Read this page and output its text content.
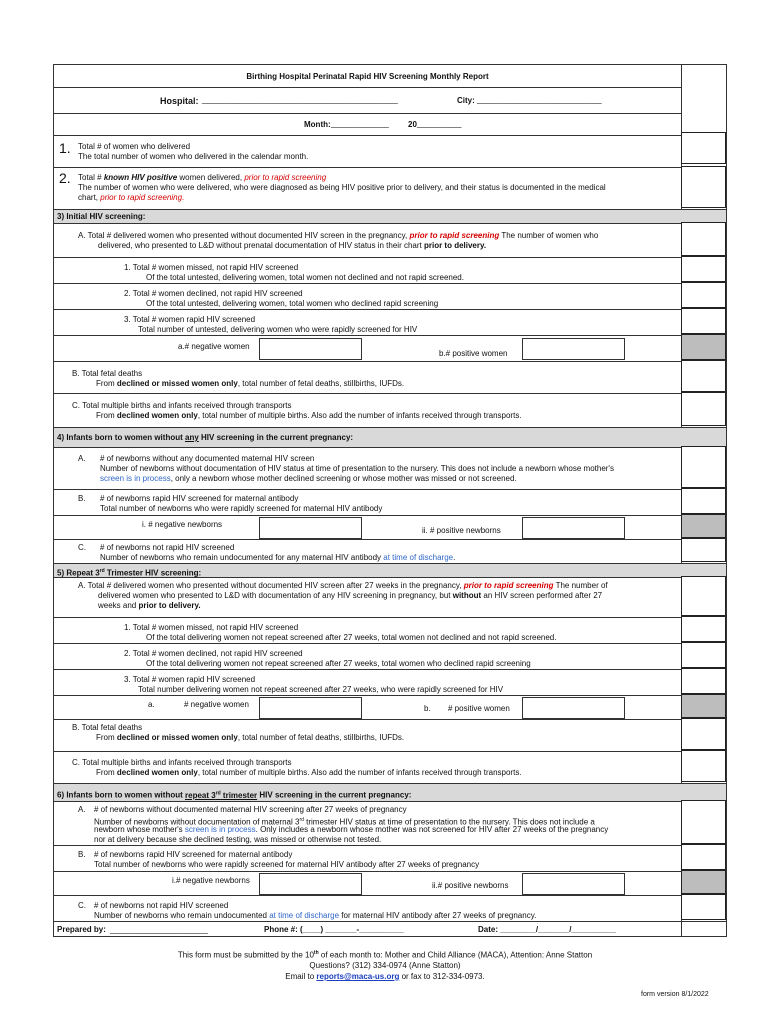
Birthing Hospital Perinatal Rapid HIV Screening Monthly Report
Hospital: ____________________________________________	City: ____________________________
Month: _____________ 20 __________
1. Total # of women who delivered
The total number of women who delivered in the calendar month.
2. Total # known HIV positive women delivered, prior to rapid screening
The number of women who were delivered, who were diagnosed as being HIV positive prior to delivery, and their status is documented in the medical
chart, prior to rapid screening.
3) Initial HIV screening:
A. Total # delivered women who presented without documented HIV screen in the pregnancy, prior to rapid screening The number of women who
delivered, who presented to L&D without prenatal documentation of HIV status in their chart prior to delivery.
1. Total # women missed, not rapid HIV screened
Of the total untested, delivering women, total women not declined and not rapid screened.
2. Total # women declined, not rapid HIV screened
Of the total untested, delivering women, total women who declined rapid screening
3. Total # women rapid HIV screened
Total number of untested, delivering women who were rapidly screened for HIV
a.# negative women
b.# positive women
B. Total fetal deaths
From declined or missed women only, total number of fetal deaths, stillbirths, IUFDs.
C. Total multiple births and infants received through transports
From declined women only, total number of multiple births. Also add the number of infants received through transports.
4) Infants born to women without any HIV screening in the current pregnancy:
A. # of newborns without any documented maternal HIV screen
Number of newborns without documentation of HIV status at time of presentation to the nursery. This does not include a newborn whose mother's
screen is in process, only a newborn whose mother declined screening or whose mother was missed or not screened.
B. # of newborns rapid HIV screened for maternal antibody
Total number of newborns who were rapidly screened for maternal HIV antibody
i. # negative newborns
ii. # positive newborns
C. # of newborns not rapid HIV screened
Number of newborns who remain undocumented for any maternal HIV antibody at time of discharge.
5) Repeat 3rd Trimester HIV screening:
A. Total # delivered women who presented without documented HIV screen after 27 weeks in the pregnancy, prior to rapid screening The number of
delivered women who presented to L&D with documentation of any HIV screening in pregnancy, but without an HIV screen performed after 27
weeks and prior to delivery.
1. Total # women missed, not rapid HIV screened
Of the total delivering women not repeat screened after 27 weeks, total women not declined and not rapid screened.
2. Total # women declined, not rapid HIV screened
Of the total delivering women not repeat screened after 27 weeks, total women who declined rapid screening
3. Total # women rapid HIV screened
Total number delivering women not repeat screened after 27 weeks, who were rapidly screened for HIV
a.	# negative women	b. # positive women
B. Total fetal deaths
From declined or missed women only, total number of fetal deaths, stillbirths, IUFDs.
C. Total multiple births and infants received through transports
From declined women only, total number of multiple births. Also add the number of infants received through transports.
6) Infants born to women without repeat 3rd trimester HIV screening in the current pregnancy:
A. # of newborns without documented maternal HIV screening after 27 weeks of pregnancy
Number of newborns without documentation of maternal 3rd trimester HIV status at time of presentation to the nursery. This does not include a
newborn whose mother's screen is in process. Only includes a newborn whose mother was not screened for HIV after 27 weeks of the pregnancy
nor at delivery because she declined testing, was missed or otherwise not tested.
B. # of newborns rapid HIV screened for maternal antibody
Total number of newborns who were rapidly screened for maternal HIV antibody after 27 weeks of pregnancy
i.# negative newborns
ii.# positive newborns
C. # of newborns not rapid HIV screened
Number of newborns who remain undocumented at time of discharge for maternal HIV antibody after 27 weeks of pregnancy.
Prepared by: ______________________	Phone #: (____) _______-__________	Date: ________/_______/__________
This form must be submitted by the 10th of each month to: Mother and Child Alliance (MACA), Attention: Anne Statton
Questions? (312) 334-0974 (Anne Statton)
Email to reports@maca-us.org or fax to 312-334-0973.
form version 8/1/2022
